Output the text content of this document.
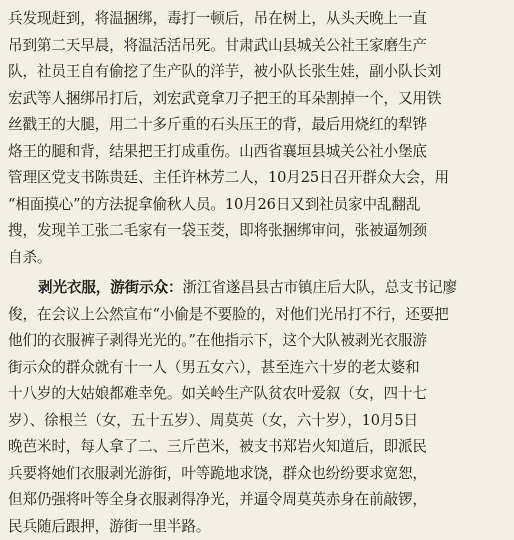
兵发现赶到，将温捆绑，毒打一顿后，吊在树上，从头天晚上一直
吊到第二天早晨，将温活活吊死。甘肃武山县城关公社王家磨生产
队，社员王自有偷挖了生产队的洋芋，被小队长张生娃，副小队长刘
宏武等人捆绑吊打后，刘宏武竟拿刀子把王的耳朵割掉一个，又用铁
丝戳王的大腿，用二十多斤重的石头压王的背，最后用烧红的犁铧
烙王的腿和背，结果把王打成重伤。山西省襄垣县城关公社小堡底
管理区党支书陈贵廷、主任许林芳二人，10月25日召开群众大会，用
“相面摸心”的方法捉拿偷秋人员。10月26日又到社员家中乱翻乱
搜，发现羊工张二毛家有一袋玉茭，即将张捆绑审问，张被逼刎颈
自杀。
剥光衣服，游街示众：浙江省遂昌县古市镇庄后大队，总支书记廖
俊，在会议上公然宣布“小偷是不要脸的，对他们光吊打不行，还要把
他们的衣服裤子剥得光光的。”在他指示下，这个大队被剥光衣服游
街示众的群众就有十一人（男五女六），甚至连六十岁的老太婆和
十八岁的大姑娘都难幸免。如关岭生产队贫农叶爱叙（女，四十七
岁）、徐根兰（女，五十五岁）、周莫英（女，六十岁），10月5日
晚芭米时，每人拿了二、三斤芭米，被支书郑岩火知道后，即派民
兵要将她们衣服剥光游街，叶等跪地求饶，群众也纷纷要求宽恕，
但郑仍强将叶等全身衣服剥得净光，并逼令周莫英赤身在前敲锣，
民兵随后跟押，游街一里半路。
